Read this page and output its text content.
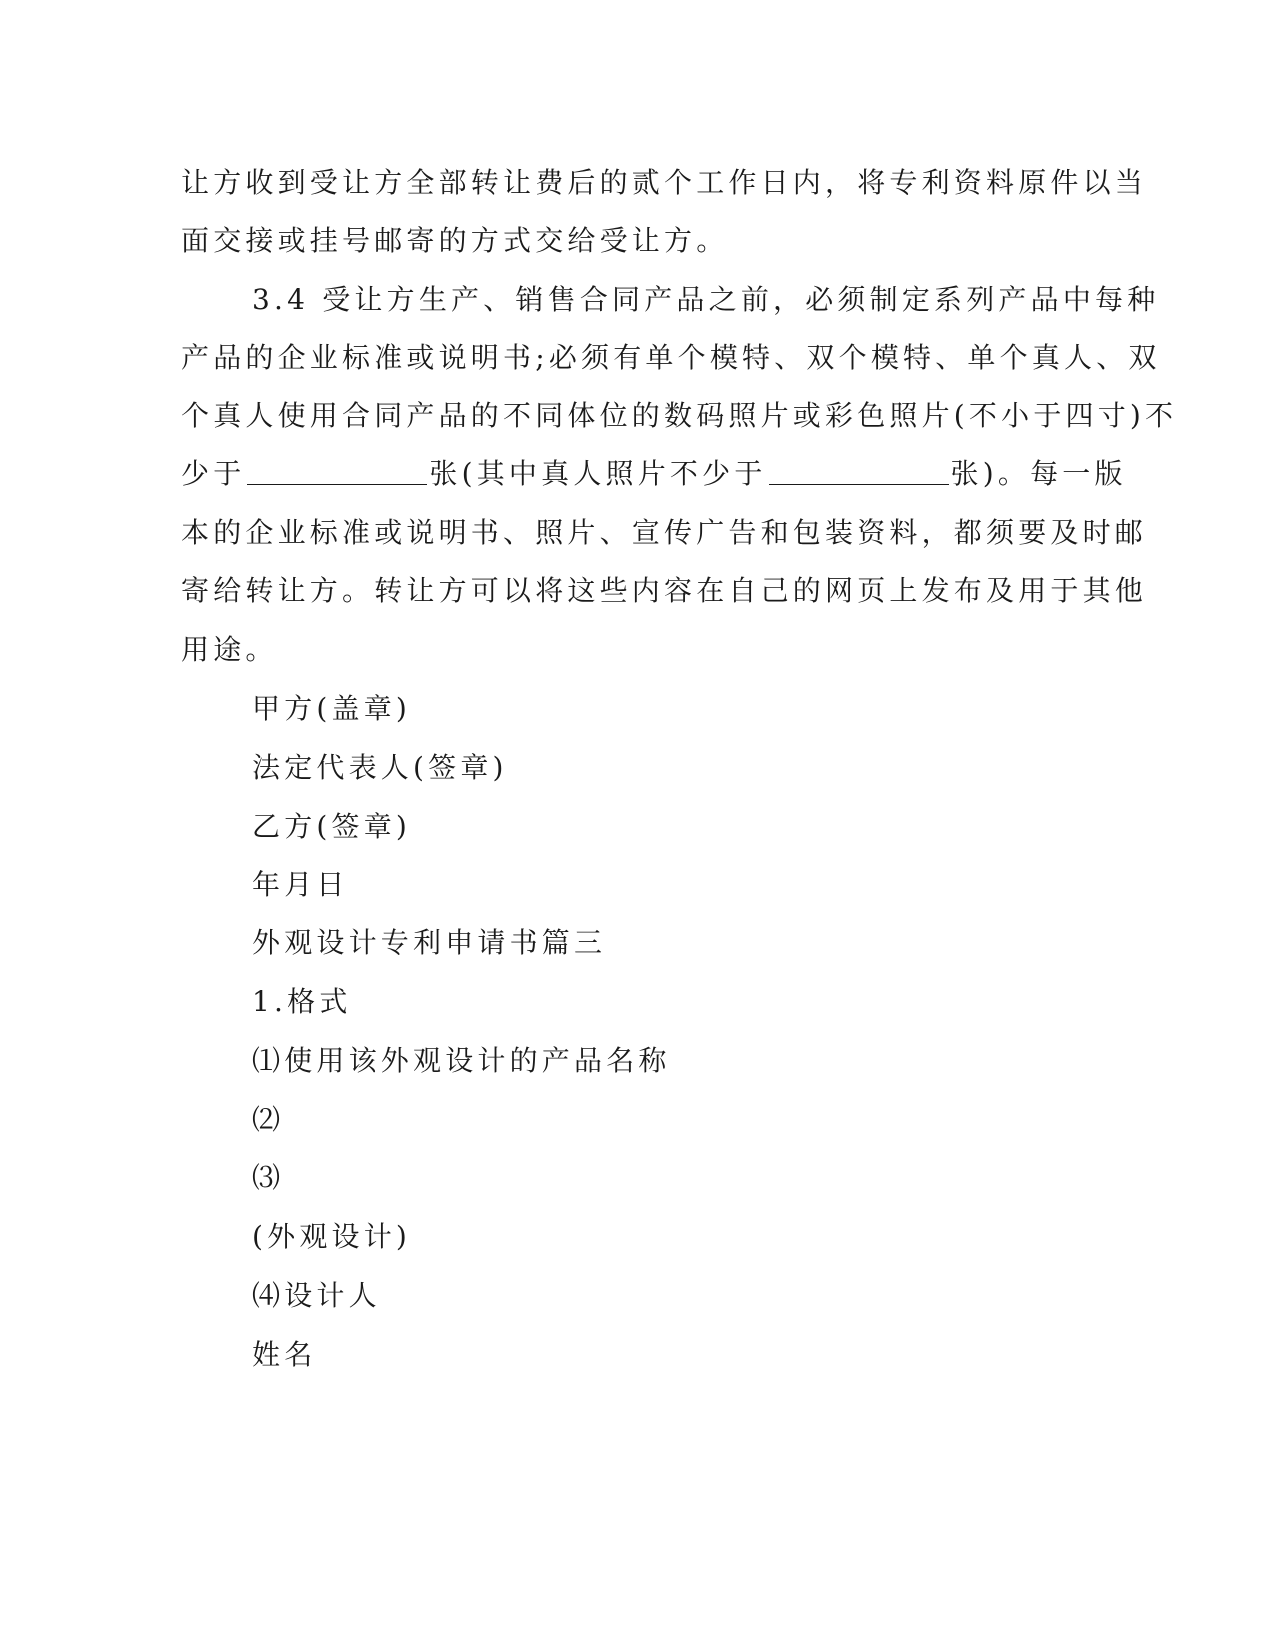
让方收到受让方全部转让费后的贰个工作日内，将专利资料原件以当
面交接或挂号邮寄的方式交给受让方。
3.4 受让方生产、销售合同产品之前，必须制定系列产品中每种
产品的企业标准或说明书;必须有单个模特、双个模特、单个真人、双
个真人使用合同产品的不同体位的数码照片或彩色照片(不小于四寸)不
少于	张(其中真人照片不少于	张)。每一版
本的企业标准或说明书、照片、宣传广告和包装资料，都须要及时邮
寄给转让方。转让方可以将这些内容在自己的网页上发布及用于其他
用途。
甲方(盖章)
法定代表人(签章)
乙方(签章)
年月日
外观设计专利申请书篇三
1.格式
⑴使用该外观设计的产品名称
⑵
⑶
(外观设计)
⑷设计人
姓名
